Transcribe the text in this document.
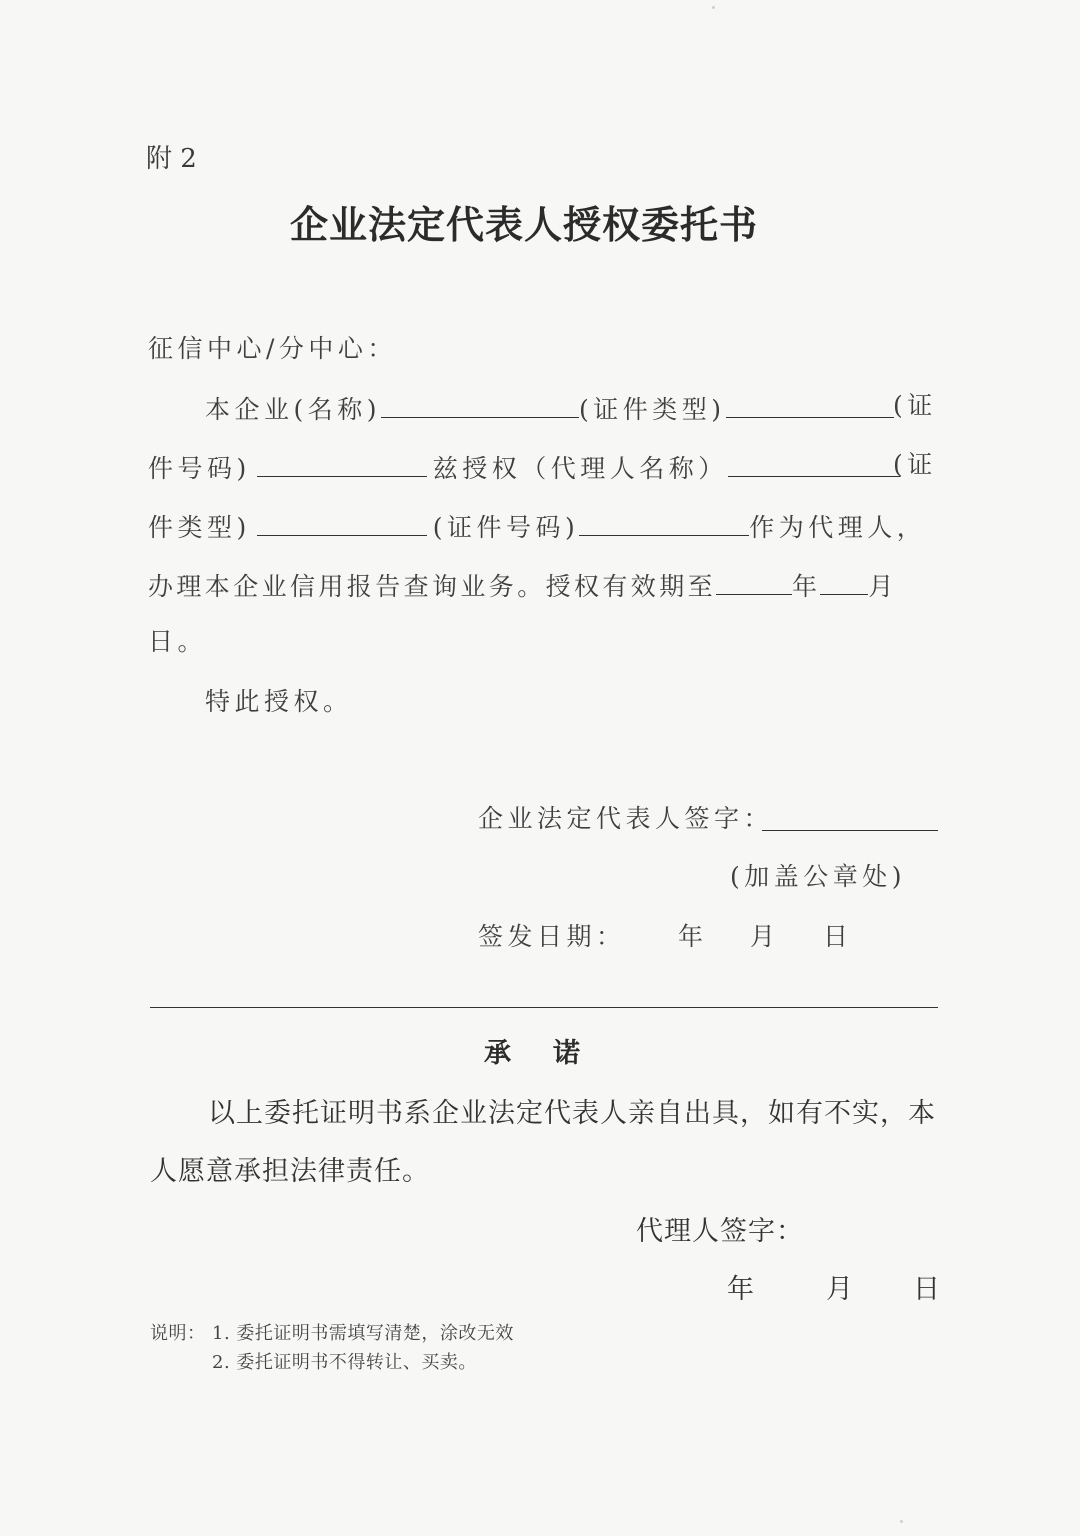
附 2
企业法定代表人授权委托书
征信中心/分中心：
本企业(名称)	(证件类型)	(证
件号码)	兹授权（代理人名称）	(证
件类型)	(证件号码)	作为代理人，
办理本企业信用报告查询业务。授权有效期至	年 月
日。
特此授权。
企业法定代表人签字：
(加盖公章处)
签发日期： 年 月 日
承诺
以上委托证明书系企业法定代表人亲自出具，如有不实，本
人愿意承担法律责任。
代理人签字：
年	月 日
说明： 1. 委托证明书需填写清楚，涂改无效
2. 委托证明书不得转让、买卖。
